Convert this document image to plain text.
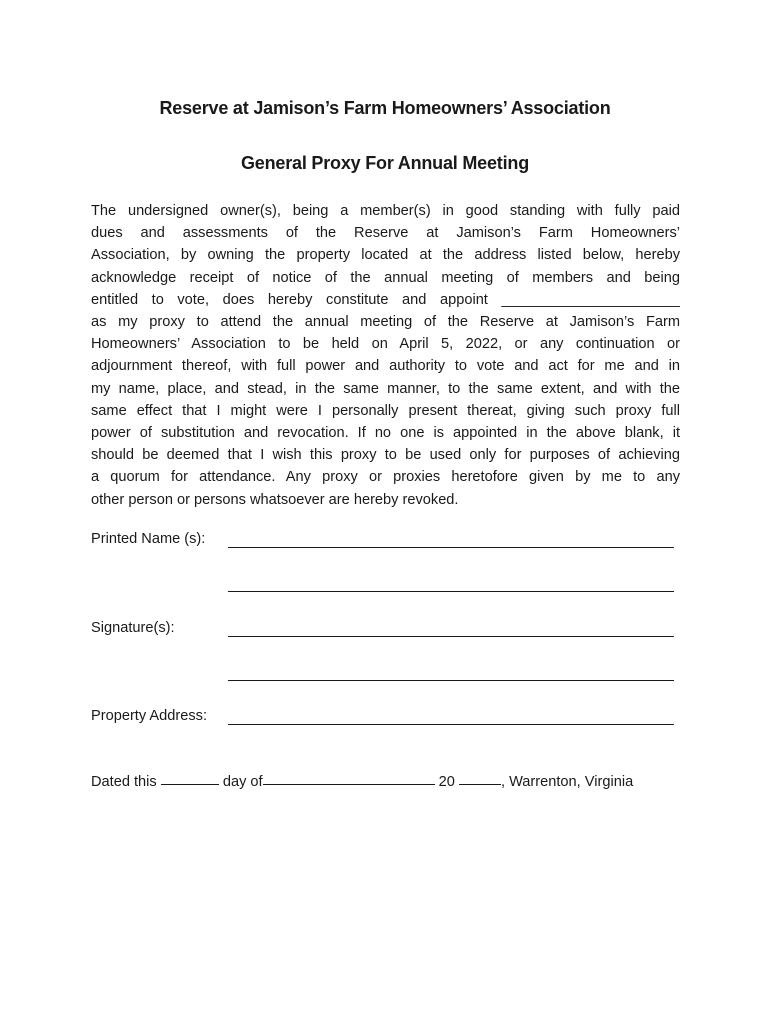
Reserve at Jamison’s Farm Homeowners’ Association
General Proxy For Annual Meeting
The undersigned owner(s), being a member(s) in good standing with fully paid
dues and assessments of the Reserve at Jamison’s Farm Homeowners’
Association, by owning the property located at the address listed below, hereby
acknowledge receipt of notice of the annual meeting of members and being
entitled to vote, does hereby constitute and appoint ______________________
as my proxy to attend the annual meeting of the Reserve at Jamison’s Farm
Homeowners’ Association to be held on April 5, 2022, or any continuation or
adjournment thereof, with full power and authority to vote and act for me and in
my name, place, and stead, in the same manner, to the same extent, and with the
same effect that I might were I personally present thereat, giving such proxy full
power of substitution and revocation. If no one is appointed in the above blank, it
should be deemed that I wish this proxy to be used only for purposes of achieving
a quorum for attendance. Any proxy or proxies heretofore given by me to any
other person or persons whatsoever are hereby revoked.
Printed Name (s):
Signature(s):
Property Address:
Dated this	day of	20	, Warrenton, Virginia
